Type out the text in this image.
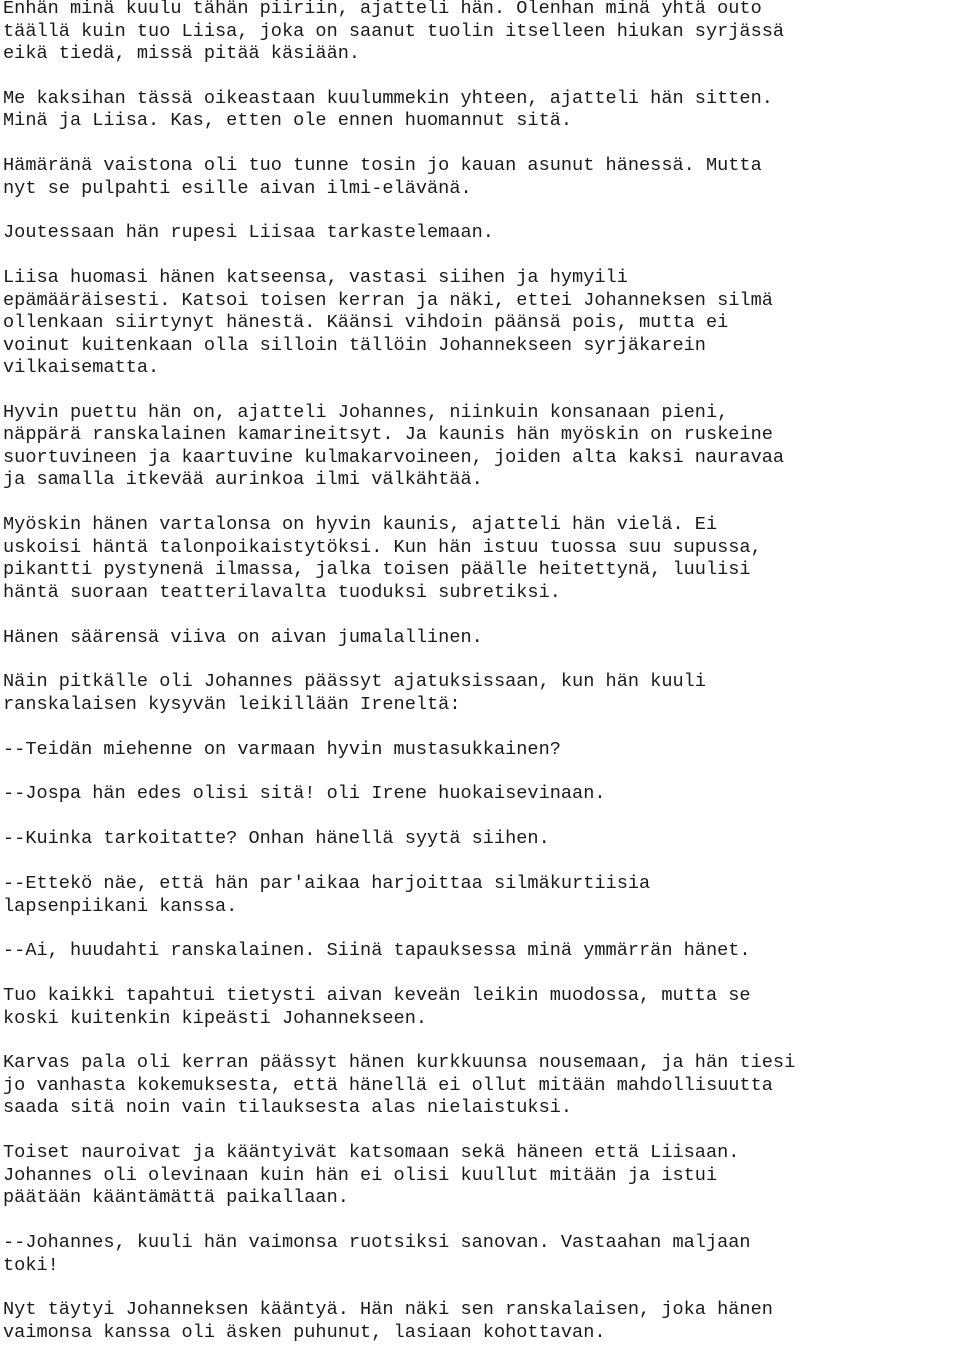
Enhän minä kuulu tähän piiriin, ajatteli hän. Olenhan minä yhtä outo
täällä kuin tuo Liisa, joka on saanut tuolin itselleen hiukan syrjässä
eikä tiedä, missä pitää käsiään.

Me kaksihan tässä oikeastaan kuulummekin yhteen, ajatteli hän sitten.
Minä ja Liisa. Kas, etten ole ennen huomannut sitä.

Hämäränä vaistona oli tuo tunne tosin jo kauan asunut hänessä. Mutta
nyt se pulpahti esille aivan ilmi-elävänä.

Joutessaan hän rupesi Liisaa tarkastelemaan.

Liisa huomasi hänen katseensa, vastasi siihen ja hymyili
epämääräisesti. Katsoi toisen kerran ja näki, ettei Johanneksen silmä
ollenkaan siirtynyt hänestä. Käänsi vihdoin päänsä pois, mutta ei
voinut kuitenkaan olla silloin tällöin Johannekseen syrjäkarein
vilkaisematta.

Hyvin puettu hän on, ajatteli Johannes, niinkuin konsanaan pieni,
näppärä ranskalainen kamarineitsyt. Ja kaunis hän myöskin on ruskeine
suortuvineen ja kaartuvine kulmakarvoineen, joiden alta kaksi nauravaa
ja samalla itkevää aurinkoa ilmi välkähtää.

Myöskin hänen vartalonsa on hyvin kaunis, ajatteli hän vielä. Ei
uskoisi häntä talonpoikaistytöksi. Kun hän istuu tuossa suu supussa,
pikantti pystynenä ilmassa, jalka toisen päälle heitettynä, luulisi
häntä suoraan teatterilavalta tuoduksi subretiksi.

Hänen säärensä viiva on aivan jumalallinen.

Näin pitkälle oli Johannes päässyt ajatuksissaan, kun hän kuuli
ranskalaisen kysyvän leikillään Ireneltä:

--Teidän miehenne on varmaan hyvin mustasukkainen?

--Jospa hän edes olisi sitä! oli Irene huokaisevinaan.

--Kuinka tarkoitatte? Onhan hänellä syytä siihen.

--Ettekö näe, että hän par'aikaa harjoittaa silmäkurtiisia
lapsenpiikani kanssa.

--Ai, huudahti ranskalainen. Siinä tapauksessa minä ymmärrän hänet.

Tuo kaikki tapahtui tietysti aivan keveän leikin muodossa, mutta se
koski kuitenkin kipeästi Johannekseen.

Karvas pala oli kerran päässyt hänen kurkkuunsa nousemaan, ja hän tiesi
jo vanhasta kokemuksesta, että hänellä ei ollut mitään mahdollisuutta
saada sitä noin vain tilauksesta alas nielaistuksi.

Toiset nauroivat ja kääntyivät katsomaan sekä häneen että Liisaan.
Johannes oli olevinaan kuin hän ei olisi kuullut mitään ja istui
päätään kääntämättä paikallaan.

--Johannes, kuuli hän vaimonsa ruotsiksi sanovan. Vastaahan maljaan
toki!

Nyt täytyi Johanneksen kääntyä. Hän näki sen ranskalaisen, joka hänen
vaimonsa kanssa oli äsken puhunut, lasiaan kohottavan.
